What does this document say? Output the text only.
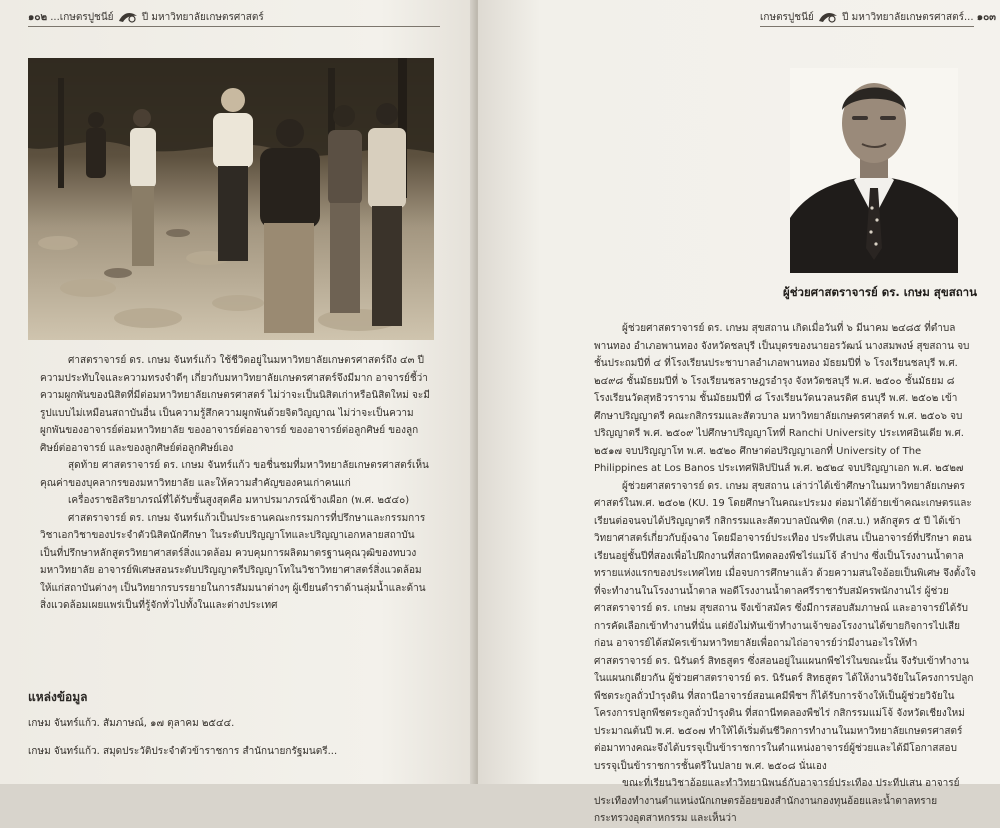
๑๐๒ ...เกษตรปูชนีย์	ปี มหาวิทยาลัยเกษตรศาสตร์

ศาสตราจารย์ ดร. เกษม จันทร์แก้ว ใช้ชีวิตอยู่ในมหาวิทยาลัยเกษตรศาสตร์ถึง ๔๓ ปี ความประทับใจและความทรงจำดีๆ เกี่ยวกับมหาวิทยาลัยเกษตรศาสตร์จึงมีมาก อาจารย์ชี้ว่าความผูกพันของนิสิตที่มีต่อมหาวิทยาลัยเกษตรศาสตร์ ไม่ว่าจะเป็นนิสิตเก่าหรือนิสิตใหม่ จะมีรูปแบบไม่เหมือนสถาบันอื่น เป็นความรู้สึกความผูกพันด้วยจิตวิญญาณ ไม่ว่าจะเป็นความผูกพันของอาจารย์ต่อมหาวิทยาลัย ของอาจารย์ต่ออาจารย์ ของอาจารย์ต่อลูกศิษย์ ของลูกศิษย์ต่ออาจารย์ และของลูกศิษย์ต่อลูกศิษย์เอง

สุดท้าย ศาสตราจารย์ ดร. เกษม จันทร์แก้ว ขอชื่นชมที่มหาวิทยาลัยเกษตรศาสตร์เห็นคุณค่าของบุคลากรของมหาวิทยาลัย และให้ความสำคัญของคนเก่าคนแก่

เครื่องราชอิสริยาภรณ์ที่ได้รับชั้นสูงสุดคือ มหาปรมาภรณ์ช้างเผือก (พ.ศ. ๒๕๔๐)

ศาสตราจารย์ ดร. เกษม จันทร์แก้วเป็นประธานคณะกรรมการที่ปรึกษาและกรรมการวิชาเอกวิชาของประจำตัวนิสิตนักศึกษา ในระดับปริญญาโทและปริญญาเอกหลายสถาบัน เป็นที่ปรึกษาหลักสูตรวิทยาศาสตร์สิ่งแวดล้อม ควบคุมการผลิตมาตรฐานคุณวุฒิของทบวงมหาวิทยาลัย อาจารย์พิเศษสอนระดับปริญญาตรีปริญญาโทในวิชาวิทยาศาสตร์สิ่งแวดล้อมให้แก่สถาบันต่างๆ เป็นวิทยากรบรรยายในการสัมมนาต่างๆ ผู้เขียนตำราด้านลุ่มน้ำและด้านสิ่งแวดล้อมเผยแพร่เป็นที่รู้จักทั่วไปทั้งในและต่างประเทศ

แหล่งข้อมูล

เกษม จันทร์แก้ว. สัมภาษณ์, ๑๗ ตุลาคม ๒๕๔๔.

เกษม จันทร์แก้ว. สมุดประวัติประจำตัวข้าราชการ สำนักนายกรัฐมนตรี...

เกษตรปูชนีย์	ปี มหาวิทยาลัยเกษตรศาสตร์... ๑๐๓
ผู้ช่วยศาสตราจารย์ ดร. เกษม สุขสถาน

ผู้ช่วยศาสตราจารย์ ดร. เกษม สุขสถาน เกิดเมื่อวันที่ ๖ มีนาคม ๒๔๘๕ ที่ตำบลพานทอง อำเภอพานทอง จังหวัดชลบุรี เป็นบุตรของนายอรวัฒน์ นางสมพงษ์ สุขสถาน จบชั้นประถมปีที่ ๔ ที่โรงเรียนประชาบาลอำเภอพานทอง มัธยมปีที่ ๖ โรงเรียนชลบุรี พ.ศ. ๒๔๙๘ ชั้นมัธยมปีที่ ๖ โรงเรียนชลราษฎรอำรุง จังหวัดชลบุรี พ.ศ. ๒๕๐๐ ชั้นมัธยม ๘ โรงเรียนวัดสุทธิวราราม ชั้นมัธยมปีที่ ๘ โรงเรียนวัดนวลนรดิศ ธนบุรี พ.ศ. ๒๕๐๒ เข้าศึกษาปริญญาตรี คณะกสิกรรมและสัตวบาล มหาวิทยาลัยเกษตรศาสตร์ พ.ศ. ๒๕๐๖ จบปริญญาตรี พ.ศ. ๒๕๐๙ ไปศึกษาปริญญาโทที่ Ranchi University ประเทศอินเดีย พ.ศ. ๒๕๑๗ จบปริญญาโท พ.ศ. ๒๕๒๐ ศึกษาต่อปริญญาเอกที่ University of The Philippines at Los Banos ประเทศฟิลิปปินส์ พ.ศ. ๒๕๒๔ จบปริญญาเอก พ.ศ. ๒๕๒๗

ผู้ช่วยศาสตราจารย์ ดร. เกษม สุขสถาน เล่าว่าได้เข้าศึกษาในมหาวิทยาลัยเกษตรศาสตร์ในพ.ศ. ๒๕๐๒ (KU. 19 โดยศึกษาในคณะประมง ต่อมาได้ย้ายเข้าคณะเกษตรและเรียนต่อจนจบได้ปริญญาตรี กสิกรรมและสัตวบาลบัณฑิต (กส.บ.) หลักสูตร ๕ ปี ได้เข้าวิทยาศาสตร์เกี่ยวกับยุ้งฉาง โดยมีอาจารย์ประเทือง ประทีปเสน เป็นอาจารย์ที่ปรึกษา ตอนเรียนอยู่ชั้นปีที่สองเพื่อไปฝึกงานที่สถานีทดลองพืชไร่แม่โจ้ ลำปาง ซึ่งเป็นโรงงานน้ำตาลทรายแห่งแรกของประเทศไทย เมื่อจบการศึกษาแล้ว ด้วยความสนใจอ้อยเป็นพิเศษ จึงตั้งใจที่จะทำงานในโรงงานน้ำตาล พอดีโรงงานน้ำตาลศรีราชารับสมัครพนักงานไร่ ผู้ช่วยศาสตราจารย์ ดร. เกษม สุขสถาน จึงเข้าสมัคร ซึ่งมีการสอบสัมภาษณ์ และอาจารย์ได้รับการคัดเลือกเข้าทำงานที่นั่น แต่ยังไม่ทันเข้าทำงานเจ้าของโรงงานได้ขายกิจการไปเสียก่อน อาจารย์ได้สมัครเข้ามหาวิทยาลัยเพื่อถามไถ่อาจารย์ว่ามีงานอะไรให้ทำ ศาสตราจารย์ ดร. นิรันดร์ สิทธสูตร ซึ่งสอนอยู่ในแผนกพืชไร่ในขณะนั้น จึงรับเข้าทำงานในแผนกเดียวกัน ผู้ช่วยศาสตราจารย์ ดร. นิรันดร์ สิทธสูตร ได้ให้งานวิจัยในโครงการปลูกพืชตระกูลถั่วบำรุงดิน ที่สถานีอาจารย์สอนเคมีพืชฯ ก็ได้รับการจ้างให้เป็นผู้ช่วยวิจัยในโครงการปลูกพืชตระกูลถั่วบำรุงดิน ที่สถานีทดลองพืชไร่ กสิกรรมแม่โจ้ จังหวัดเชียงใหม่ ประมาณต้นปี พ.ศ. ๒๕๐๗ ทำให้ได้เริ่มต้นชีวิตการทำงานในมหาวิทยาลัยเกษตรศาสตร์ ต่อมาทางคณะจึงได้บรรจุเป็นข้าราชการในตำแหน่งอาจารย์ผู้ช่วยและได้มีโอกาสสอบบรรจุเป็นข้าราชการชั้นตรีในปลาย พ.ศ. ๒๕๐๘ นั่นเอง

ขณะที่เรียนวิชาอ้อยและทำวิทยานิพนธ์กับอาจารย์ประเทือง ประทีปเสน อาจารย์ประเทืองทำงานตำแหน่งนักเกษตรอ้อยของสำนักงานกองทุนอ้อยและน้ำตาลทราย กระทรวงอุตสาหกรรม และเห็นว่า
